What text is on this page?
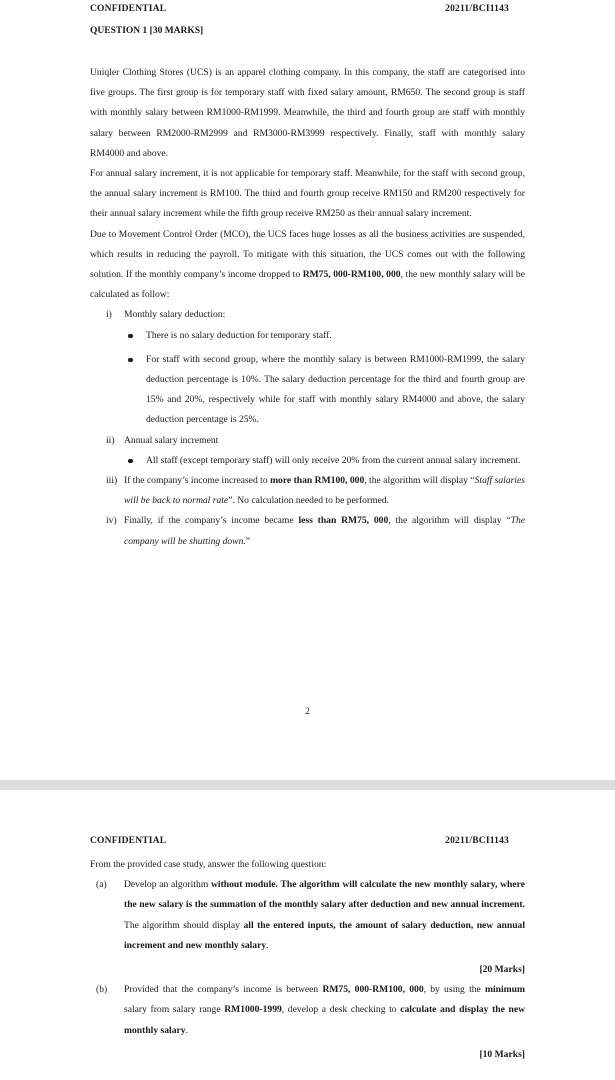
CONFIDENTIAL	20211/BCI1143
QUESTION 1 [30 MARKS]

Uniqler Clothing Stores (UCS) is an apparel clothing company. In this company, the staff are categorised into five groups. The first group is for temporary staff with fixed salary amount, RM650. The second group is staff with monthly salary between RM1000-RM1999. Meanwhile, the third and fourth group are staff with monthly salary between RM2000-RM2999 and RM3000-RM3999 respectively. Finally, staff with monthly salary RM4000 and above.

For annual salary increment, it is not applicable for temporary staff. Meanwhile, for the staff with second group, the annual salary increment is RM100. The third and fourth group receive RM150 and RM200 respectively for their annual salary increment while the fifth group receive RM250 as their annual salary increment.

Due to Movement Control Order (MCO), the UCS faces huge losses as all the business activities are suspended, which results in reducing the payroll. To mitigate with this situation, the UCS comes out with the following solution. If the monthly company’s income dropped to RM75, 000-RM100, 000, the new monthly salary will be calculated as follow:

i) Monthly salary deduction:
There is no salary deduction for temporary staff.
For staff with second group, where the monthly salary is between RM1000-RM1999, the salary deduction percentage is 10%. The salary deduction percentage for the third and fourth group are 15% and 20%, respectively while for staff with monthly salary RM4000 and above, the salary deduction percentage is 25%.
ii) Annual salary increment
All staff (except temporary staff) will only receive 20% from the current annual salary increment.
iii) If the company’s income increased to more than RM100, 000, the algorithm will display “Staff salaries will be back to normal rate”. No calculation needed to be performed.
iv) Finally, if the company’s income became less than RM75, 000, the algorithm will display “The company will be shutting down.”
2
CONFIDENTIAL	20211/BCI1143

From the provided case study, answer the following question:

(a) Develop an algorithm without module. The algorithm will calculate the new monthly salary, where the new salary is the summation of the monthly salary after deduction and new annual increment. The algorithm should display all the entered inputs, the amount of salary deduction, new annual increment and new monthly salary.
[20 Marks]
(b) Provided that the company’s income is between RM75, 000-RM100, 000, by using the minimum salary from salary range RM1000-1999, develop a desk checking to calculate and display the new monthly salary.
[10 Marks]
